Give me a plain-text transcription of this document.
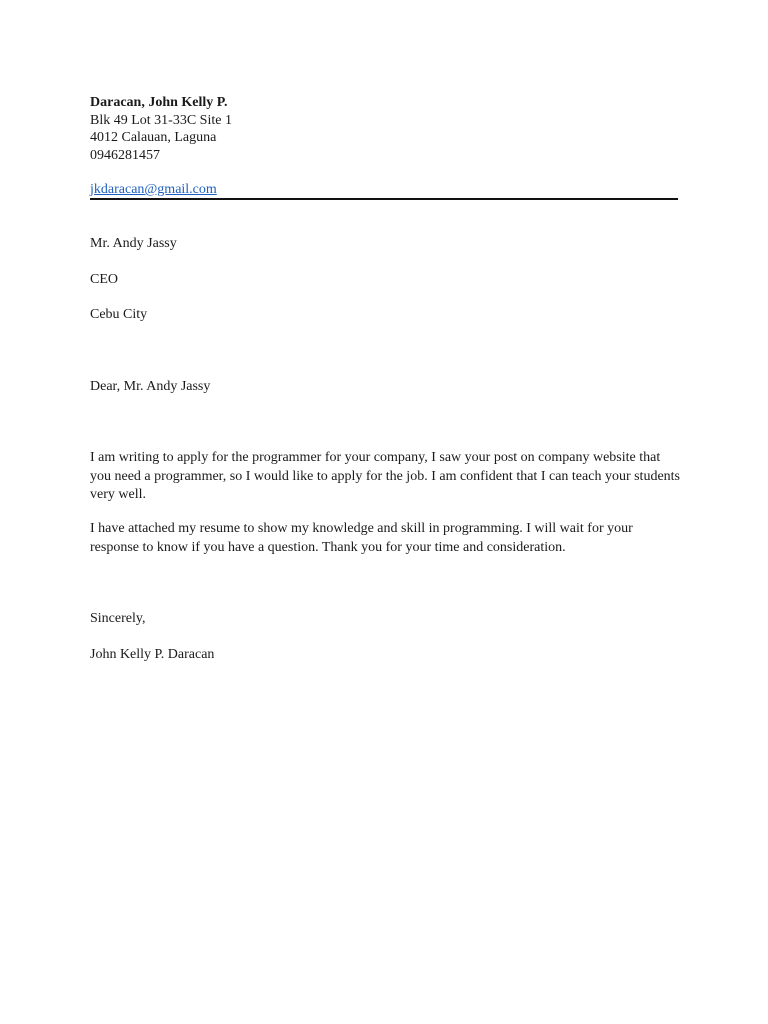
Daracan, John Kelly P.
Blk 49 Lot 31-33C Site 1
4012 Calauan, Laguna
0946281457
jkdaracan@gmail.com
Mr. Andy Jassy
CEO
Cebu City
Dear, Mr. Andy Jassy
I am writing to apply for the programmer for your company, I saw your post on company website that you need a programmer, so I would like to apply for the job. I am confident that I can teach your students very well.
I have attached my resume to show my knowledge and skill in programming. I will wait for your response to know if you have a question. Thank you for your time and consideration.
Sincerely,
John Kelly P. Daracan
